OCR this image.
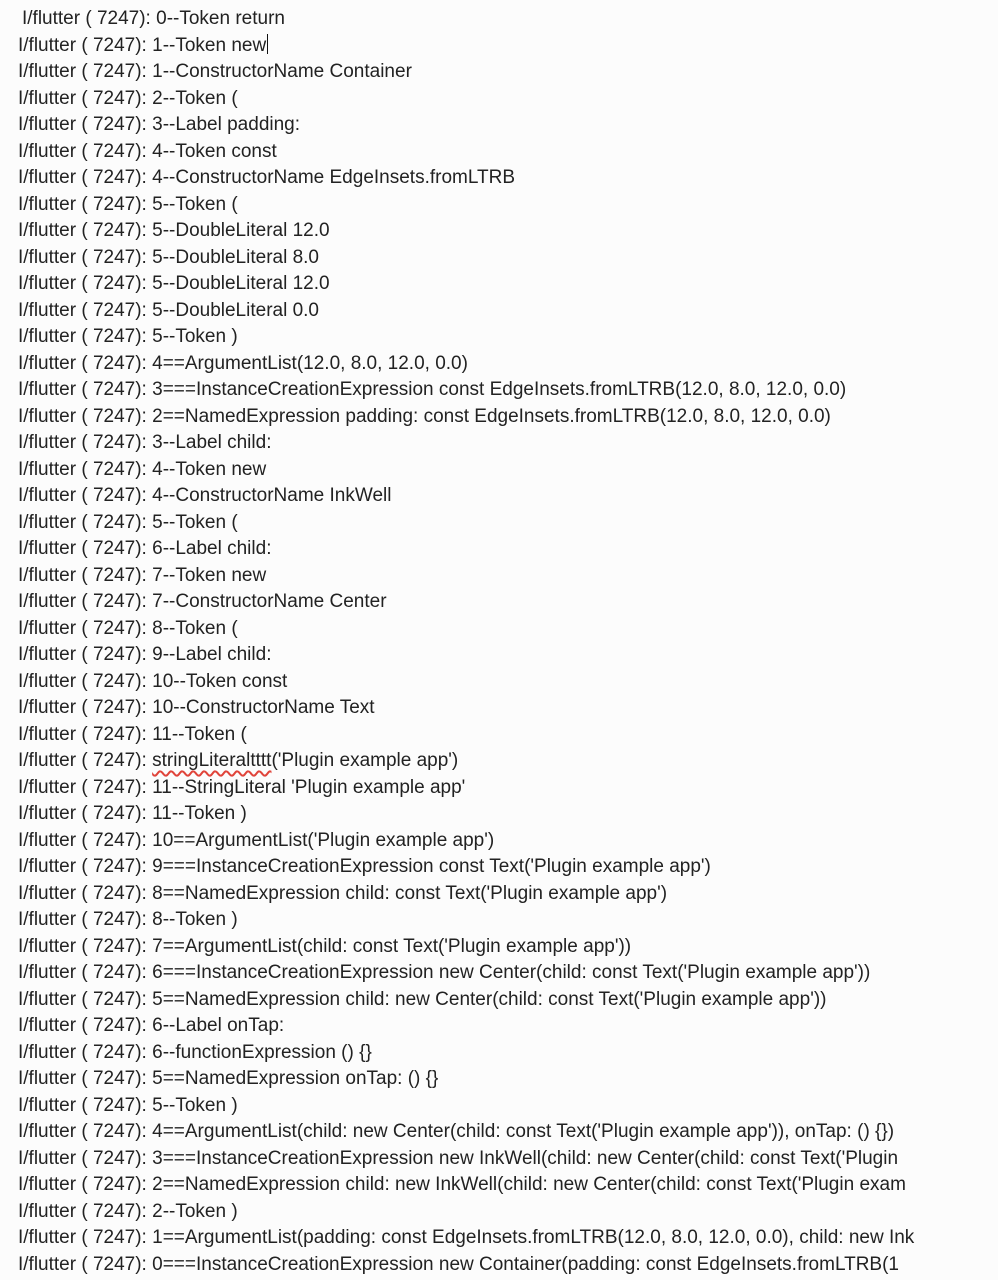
I/flutter ( 7247): 0--Token return
I/flutter ( 7247): 1--Token new
I/flutter ( 7247): 1--ConstructorName Container
I/flutter ( 7247): 2--Token (
I/flutter ( 7247): 3--Label padding:
I/flutter ( 7247): 4--Token const
I/flutter ( 7247): 4--ConstructorName EdgeInsets.fromLTRB
I/flutter ( 7247): 5--Token (
I/flutter ( 7247): 5--DoubleLiteral 12.0
I/flutter ( 7247): 5--DoubleLiteral 8.0
I/flutter ( 7247): 5--DoubleLiteral 12.0
I/flutter ( 7247): 5--DoubleLiteral 0.0
I/flutter ( 7247): 5--Token )
I/flutter ( 7247): 4==ArgumentList(12.0, 8.0, 12.0, 0.0)
I/flutter ( 7247): 3===InstanceCreationExpression const EdgeInsets.fromLTRB(12.0, 8.0, 12.0, 0.0)
I/flutter ( 7247): 2==NamedExpression padding: const EdgeInsets.fromLTRB(12.0, 8.0, 12.0, 0.0)
I/flutter ( 7247): 3--Label child:
I/flutter ( 7247): 4--Token new
I/flutter ( 7247): 4--ConstructorName InkWell
I/flutter ( 7247): 5--Token (
I/flutter ( 7247): 6--Label child:
I/flutter ( 7247): 7--Token new
I/flutter ( 7247): 7--ConstructorName Center
I/flutter ( 7247): 8--Token (
I/flutter ( 7247): 9--Label child:
I/flutter ( 7247): 10--Token const
I/flutter ( 7247): 10--ConstructorName Text
I/flutter ( 7247): 11--Token (
I/flutter ( 7247): stringLiteraltttt('Plugin example app')
I/flutter ( 7247): 11--StringLiteral 'Plugin example app'
I/flutter ( 7247): 11--Token )
I/flutter ( 7247): 10==ArgumentList('Plugin example app')
I/flutter ( 7247): 9===InstanceCreationExpression const Text('Plugin example app')
I/flutter ( 7247): 8==NamedExpression child: const Text('Plugin example app')
I/flutter ( 7247): 8--Token )
I/flutter ( 7247): 7==ArgumentList(child: const Text('Plugin example app'))
I/flutter ( 7247): 6===InstanceCreationExpression new Center(child: const Text('Plugin example app'))
I/flutter ( 7247): 5==NamedExpression child: new Center(child: const Text('Plugin example app'))
I/flutter ( 7247): 6--Label onTap:
I/flutter ( 7247): 6--functionExpression () {}
I/flutter ( 7247): 5==NamedExpression onTap: () {}
I/flutter ( 7247): 5--Token )
I/flutter ( 7247): 4==ArgumentList(child: new Center(child: const Text('Plugin example app')), onTap: () {})
I/flutter ( 7247): 3===InstanceCreationExpression new InkWell(child: new Center(child: const Text('Plugin
I/flutter ( 7247): 2==NamedExpression child: new InkWell(child: new Center(child: const Text('Plugin exam
I/flutter ( 7247): 2--Token )
I/flutter ( 7247): 1==ArgumentList(padding: const EdgeInsets.fromLTRB(12.0, 8.0, 12.0, 0.0), child: new Ink
I/flutter ( 7247): 0===InstanceCreationExpression new Container(padding: const EdgeInsets.fromLTRB(1
